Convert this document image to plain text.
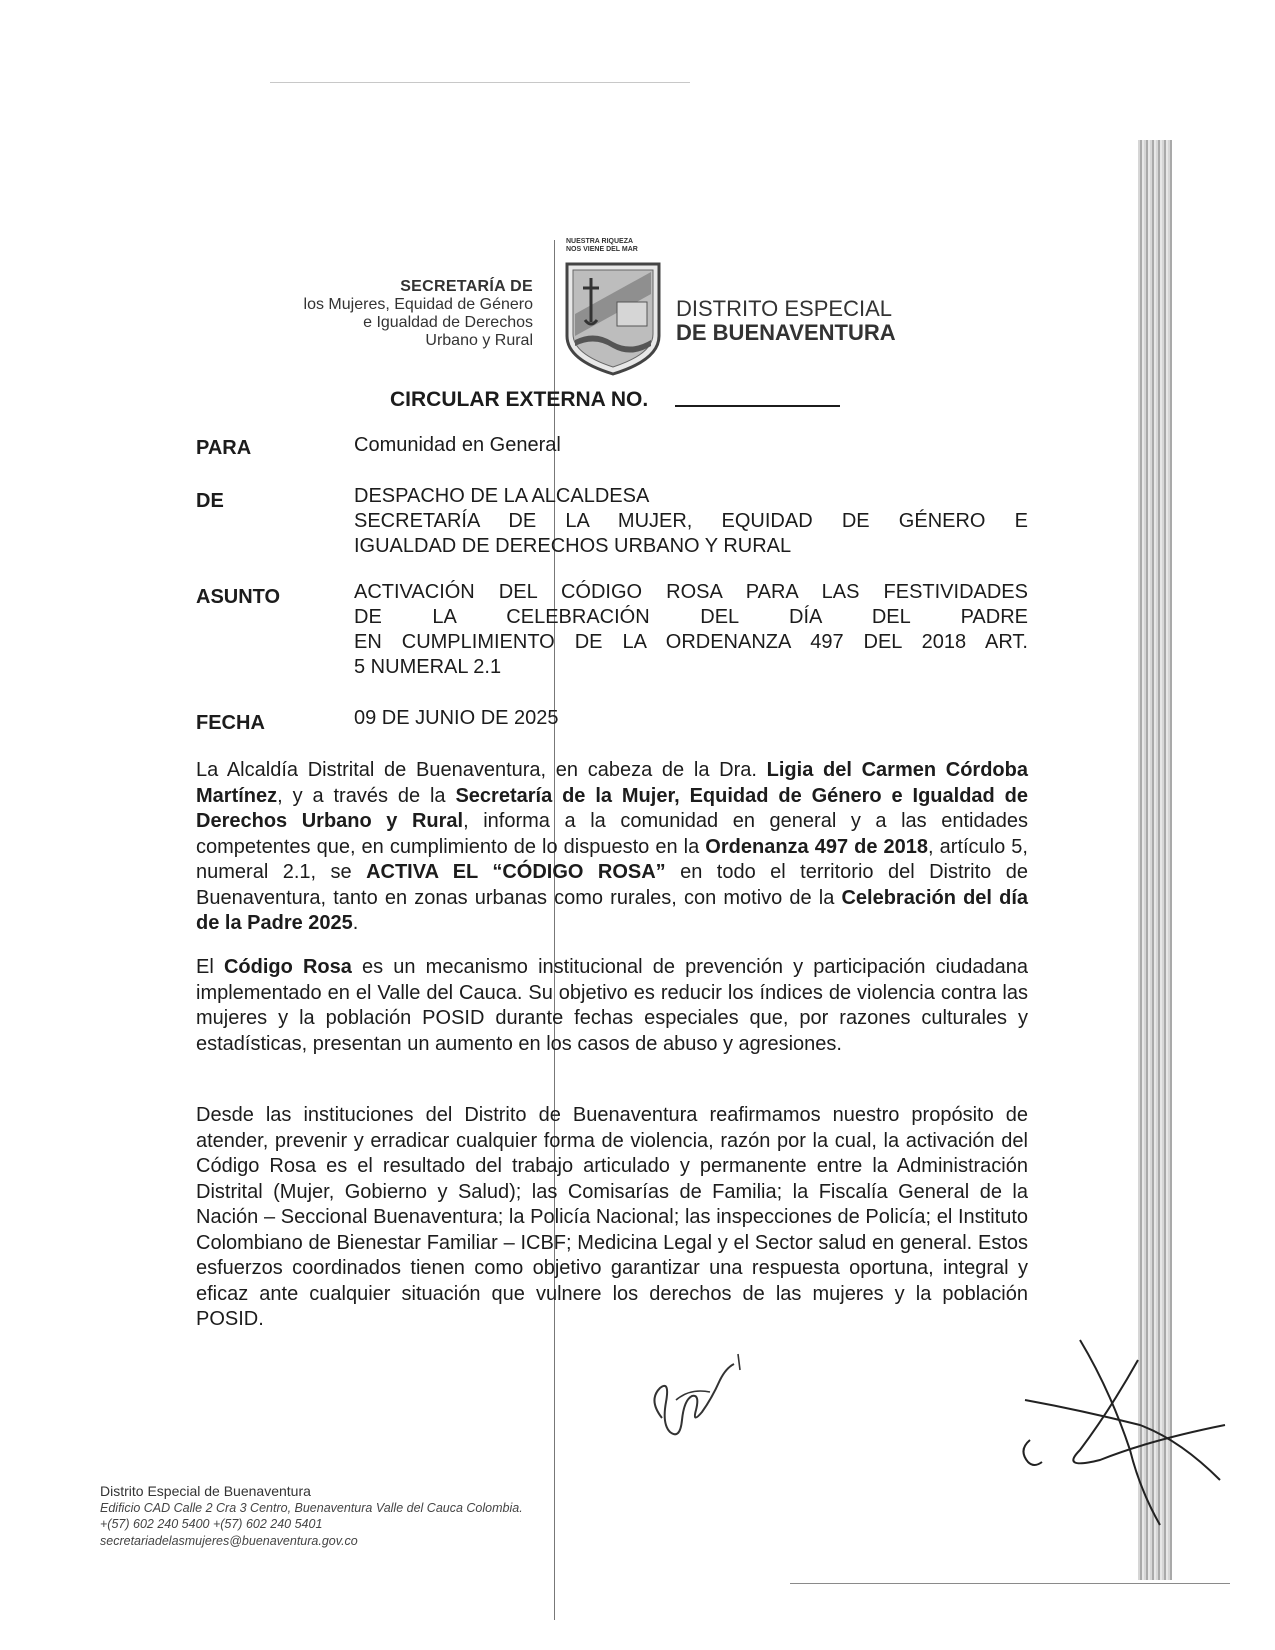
SECRETARÍA DE
los Mujeres, Equidad de Género
e Igualdad de Derechos
Urbano y Rural
NUESTRA RIQUEZA
NOS VIENE DEL MAR
DISTRITO ESPECIAL
DE BUENAVENTURA
CIRCULAR EXTERNA NO.
PARA	Comunidad en General
DE	DESPACHO DE LA ALCALDESA
SECRETARÍA DE LA MUJER, EQUIDAD DE GÉNERO E
IGUALDAD DE DERECHOS URBANO Y RURAL
ASUNTO	ACTIVACIÓN DEL CÓDIGO ROSA PARA LAS FESTIVIDADES
DE LA CELEBRACIÓN DEL DÍA DEL PADRE
EN CUMPLIMIENTO DE LA ORDENANZA 497 DEL 2018 ART.
5 NUMERAL 2.1
FECHA	09 DE JUNIO DE 2025
La Alcaldía Distrital de Buenaventura, en cabeza de la Dra. Ligia del Carmen Córdoba Martínez, y a través de la Secretaría de la Mujer, Equidad de Género e Igualdad de Derechos Urbano y Rural, informa a la comunidad en general y a las entidades competentes que, en cumplimiento de lo dispuesto en la Ordenanza 497 de 2018, artículo 5, numeral 2.1, se ACTIVA EL “CÓDIGO ROSA” en todo el territorio del Distrito de Buenaventura, tanto en zonas urbanas como rurales, con motivo de la Celebración del día de la Padre 2025.
El Código Rosa es un mecanismo institucional de prevención y participación ciudadana implementado en el Valle del Cauca. Su objetivo es reducir los índices de violencia contra las mujeres y la población POSID durante fechas especiales que, por razones culturales y estadísticas, presentan un aumento en los casos de abuso y agresiones.
Desde las instituciones del Distrito de Buenaventura reafirmamos nuestro propósito de atender, prevenir y erradicar cualquier forma de violencia, razón por la cual, la activación del Código Rosa es el resultado del trabajo articulado y permanente entre la Administración Distrital (Mujer, Gobierno y Salud); las Comisarías de Familia; la Fiscalía General de la Nación – Seccional Buenaventura; la Policía Nacional; las inspecciones de Policía; el Instituto Colombiano de Bienestar Familiar – ICBF; Medicina Legal y el Sector salud en general. Estos esfuerzos coordinados tienen como objetivo garantizar una respuesta oportuna, integral y eficaz ante cualquier situación que vulnere los derechos de las mujeres y la población POSID.
Distrito Especial de Buenaventura
Edificio CAD Calle 2 Cra 3 Centro, Buenaventura Valle del Cauca Colombia.
+(57) 602 240 5400 +(57) 602 240 5401
secretariadelasmujeres@buenaventura.gov.co
